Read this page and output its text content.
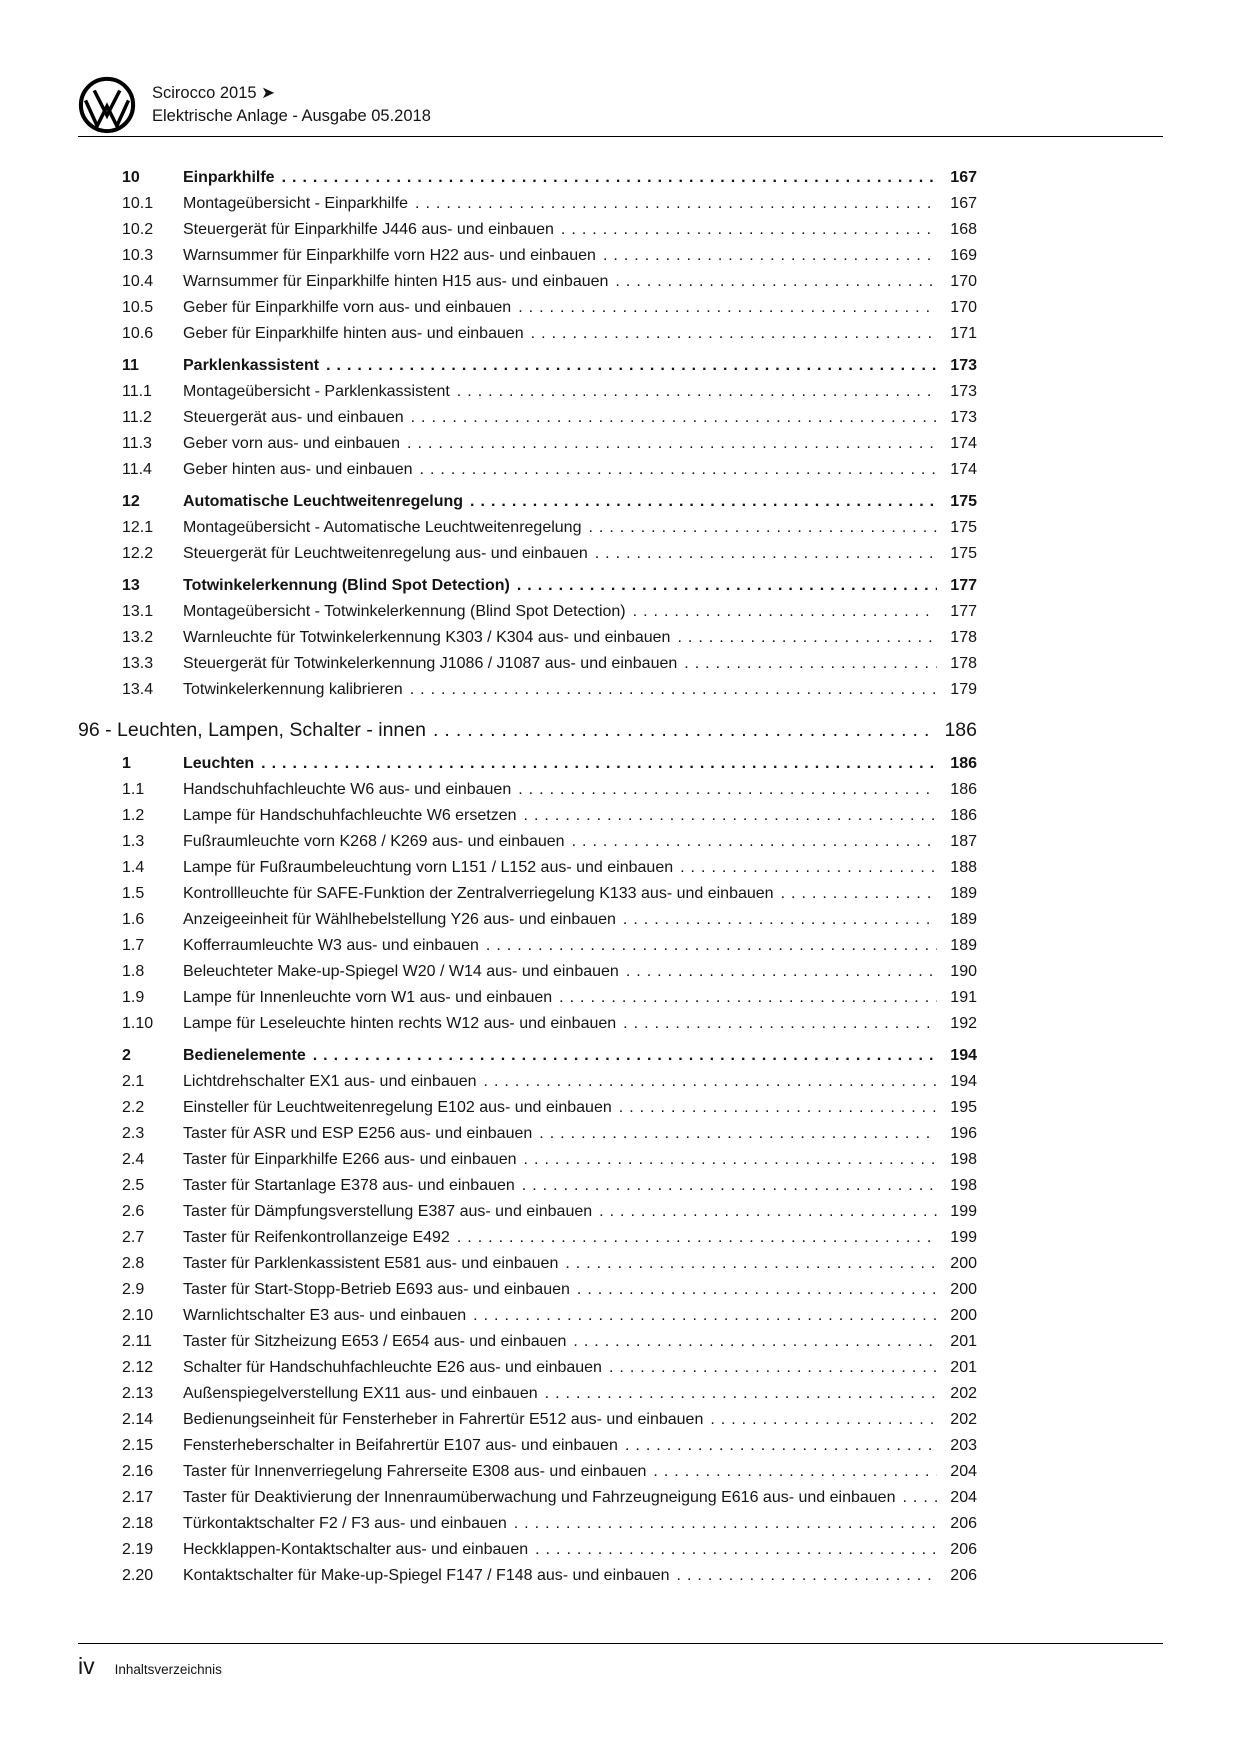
Scirocco 2015 ➤
Elektrische Anlage - Ausgabe 05.2018
10	Einparkhilfe .....	167
10.1	Montageübersicht - Einparkhilfe .....	167
10.2	Steuergerät für Einparkhilfe J446 aus- und einbauen .....	168
10.3	Warnsummer für Einparkhilfe vorn H22 aus- und einbauen .....	169
10.4	Warnsummer für Einparkhilfe hinten H15 aus- und einbauen .....	170
10.5	Geber für Einparkhilfe vorn aus- und einbauen .....	170
10.6	Geber für Einparkhilfe hinten aus- und einbauen .....	171
11	Parklenkassistent .....	173
11.1	Montageübersicht - Parklenkassistent .....	173
11.2	Steuergerät aus- und einbauen .....	173
11.3	Geber vorn aus- und einbauen .....	174
11.4	Geber hinten aus- und einbauen .....	174
12	Automatische Leuchtweitenregelung .....	175
12.1	Montageübersicht - Automatische Leuchtweitenregelung .....	175
12.2	Steuergerät für Leuchtweitenregelung aus- und einbauen .....	175
13	Totwinkelerkennung (Blind Spot Detection) .....	177
13.1	Montageübersicht - Totwinkelerkennung (Blind Spot Detection) .....	177
13.2	Warnleuchte für Totwinkelerkennung K303 / K304 aus- und einbauen .....	178
13.3	Steuergerät für Totwinkelerkennung J1086 / J1087 aus- und einbauen .....	178
13.4	Totwinkelerkennung kalibrieren .....	179
96 - Leuchten, Lampen, Schalter - innen .....	186
1	Leuchten .....	186
1.1	Handschuhfachleuchte W6 aus- und einbauen .....	186
1.2	Lampe für Handschuhfachleuchte W6 ersetzen .....	186
1.3	Fußraumleuchte vorn K268 / K269 aus- und einbauen .....	187
1.4	Lampe für Fußraumbeleuchtung vorn L151 / L152 aus- und einbauen .....	188
1.5	Kontrollleuchte für SAFE-Funktion der Zentralverriegelung K133 aus- und einbauen .....	189
1.6	Anzeigeeinheit für Wählhebelstellung Y26 aus- und einbauen .....	189
1.7	Kofferraumleuchte W3 aus- und einbauen .....	189
1.8	Beleuchteter Make-up-Spiegel W20 / W14 aus- und einbauen .....	190
1.9	Lampe für Innenleuchte vorn W1 aus- und einbauen .....	191
1.10	Lampe für Leseleuchte hinten rechts W12 aus- und einbauen .....	192
2	Bedienelemente .....	194
2.1	Lichtdrehschalter EX1 aus- und einbauen .....	194
2.2	Einsteller für Leuchtweitenregelung E102 aus- und einbauen .....	195
2.3	Taster für ASR und ESP E256 aus- und einbauen .....	196
2.4	Taster für Einparkhilfe E266 aus- und einbauen .....	198
2.5	Taster für Startanlage E378 aus- und einbauen .....	198
2.6	Taster für Dämpfungsverstellung E387 aus- und einbauen .....	199
2.7	Taster für Reifenkontrollanzeige E492 .....	199
2.8	Taster für Parklenkassistent E581 aus- und einbauen .....	200
2.9	Taster für Start-Stopp-Betrieb E693 aus- und einbauen .....	200
2.10	Warnlichtschalter E3 aus- und einbauen .....	200
2.11	Taster für Sitzheizung E653 / E654 aus- und einbauen .....	201
2.12	Schalter für Handschuhfachleuchte E26 aus- und einbauen .....	201
2.13	Außenspiegelverstellung EX11 aus- und einbauen .....	202
2.14	Bedienungseinheit für Fensterheber in Fahrertür E512 aus- und einbauen .....	202
2.15	Fensterheberschalter in Beifahrertür E107 aus- und einbauen .....	203
2.16	Taster für Innenverriegelung Fahrerseite E308 aus- und einbauen .....	204
2.17	Taster für Deaktivierung der Innenraumüberwachung und Fahrzeugneigung E616 aus- und einbauen .....	204
2.18	Türkontaktschalter F2 / F3 aus- und einbauen .....	206
2.19	Heckklappen-Kontaktschalter aus- und einbauen .....	206
2.20	Kontaktschalter für Make-up-Spiegel F147 / F148 aus- und einbauen .....	206
iv Inhaltsverzeichnis
